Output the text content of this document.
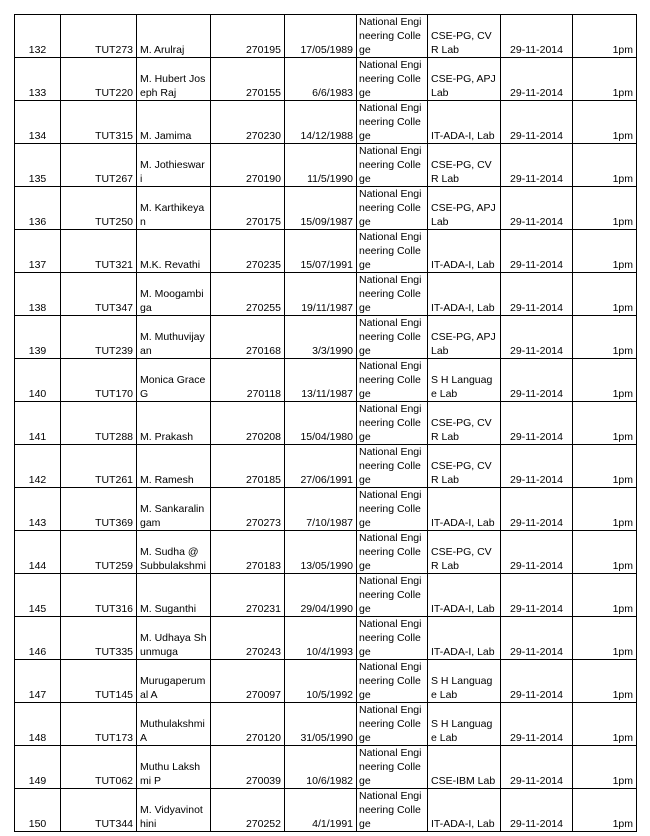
132	TUT273	M. Arulraj	270195	17/05/1989	National Engineering College	CSE-PG, CVR Lab	29-11-2014	1pm
133	TUT220	M. Hubert Joseph Raj	270155	6/6/1983	National Engineering College	CSE-PG, APJ Lab	29-11-2014	1pm
134	TUT315	M. Jamima	270230	14/12/1988	National Engineering College	IT-ADA-I, Lab	29-11-2014	1pm
135	TUT267	M. Jothieswari	270190	11/5/1990	National Engineering College	CSE-PG, CVR Lab	29-11-2014	1pm
136	TUT250	M. Karthikeyan	270175	15/09/1987	National Engineering College	CSE-PG, APJ Lab	29-11-2014	1pm
137	TUT321	M.K. Revathi	270235	15/07/1991	National Engineering College	IT-ADA-I, Lab	29-11-2014	1pm
138	TUT347	M. Moogambiga	270255	19/11/1987	National Engineering College	IT-ADA-I, Lab	29-11-2014	1pm
139	TUT239	M. Muthuvijayan	270168	3/3/1990	National Engineering College	CSE-PG, APJ Lab	29-11-2014	1pm
140	TUT170	Monica Grace G	270118	13/11/1987	National Engineering College	S H Language Lab	29-11-2014	1pm
141	TUT288	M. Prakash	270208	15/04/1980	National Engineering College	CSE-PG, CVR Lab	29-11-2014	1pm
142	TUT261	M. Ramesh	270185	27/06/1991	National Engineering College	CSE-PG, CVR Lab	29-11-2014	1pm
143	TUT369	M. Sankaralingam	270273	7/10/1987	National Engineering College	IT-ADA-I, Lab	29-11-2014	1pm
144	TUT259	M. Sudha @ Subbulakshmi	270183	13/05/1990	National Engineering College	CSE-PG, CVR Lab	29-11-2014	1pm
145	TUT316	M. Suganthi	270231	29/04/1990	National Engineering College	IT-ADA-I, Lab	29-11-2014	1pm
146	TUT335	M. Udhaya Shunmuga	270243	10/4/1993	National Engineering College	IT-ADA-I, Lab	29-11-2014	1pm
147	TUT145	Murugaperumal A	270097	10/5/1992	National Engineering College	S H Language Lab	29-11-2014	1pm
148	TUT173	Muthulakshmi A	270120	31/05/1990	National Engineering College	S H Language Lab	29-11-2014	1pm
149	TUT062	Muthu Lakshmi P	270039	10/6/1982	National Engineering College	CSE-IBM Lab	29-11-2014	1pm
150	TUT344	M. Vidyavinothini	270252	4/1/1991	National Engineering College	IT-ADA-I, Lab	29-11-2014	1pm
